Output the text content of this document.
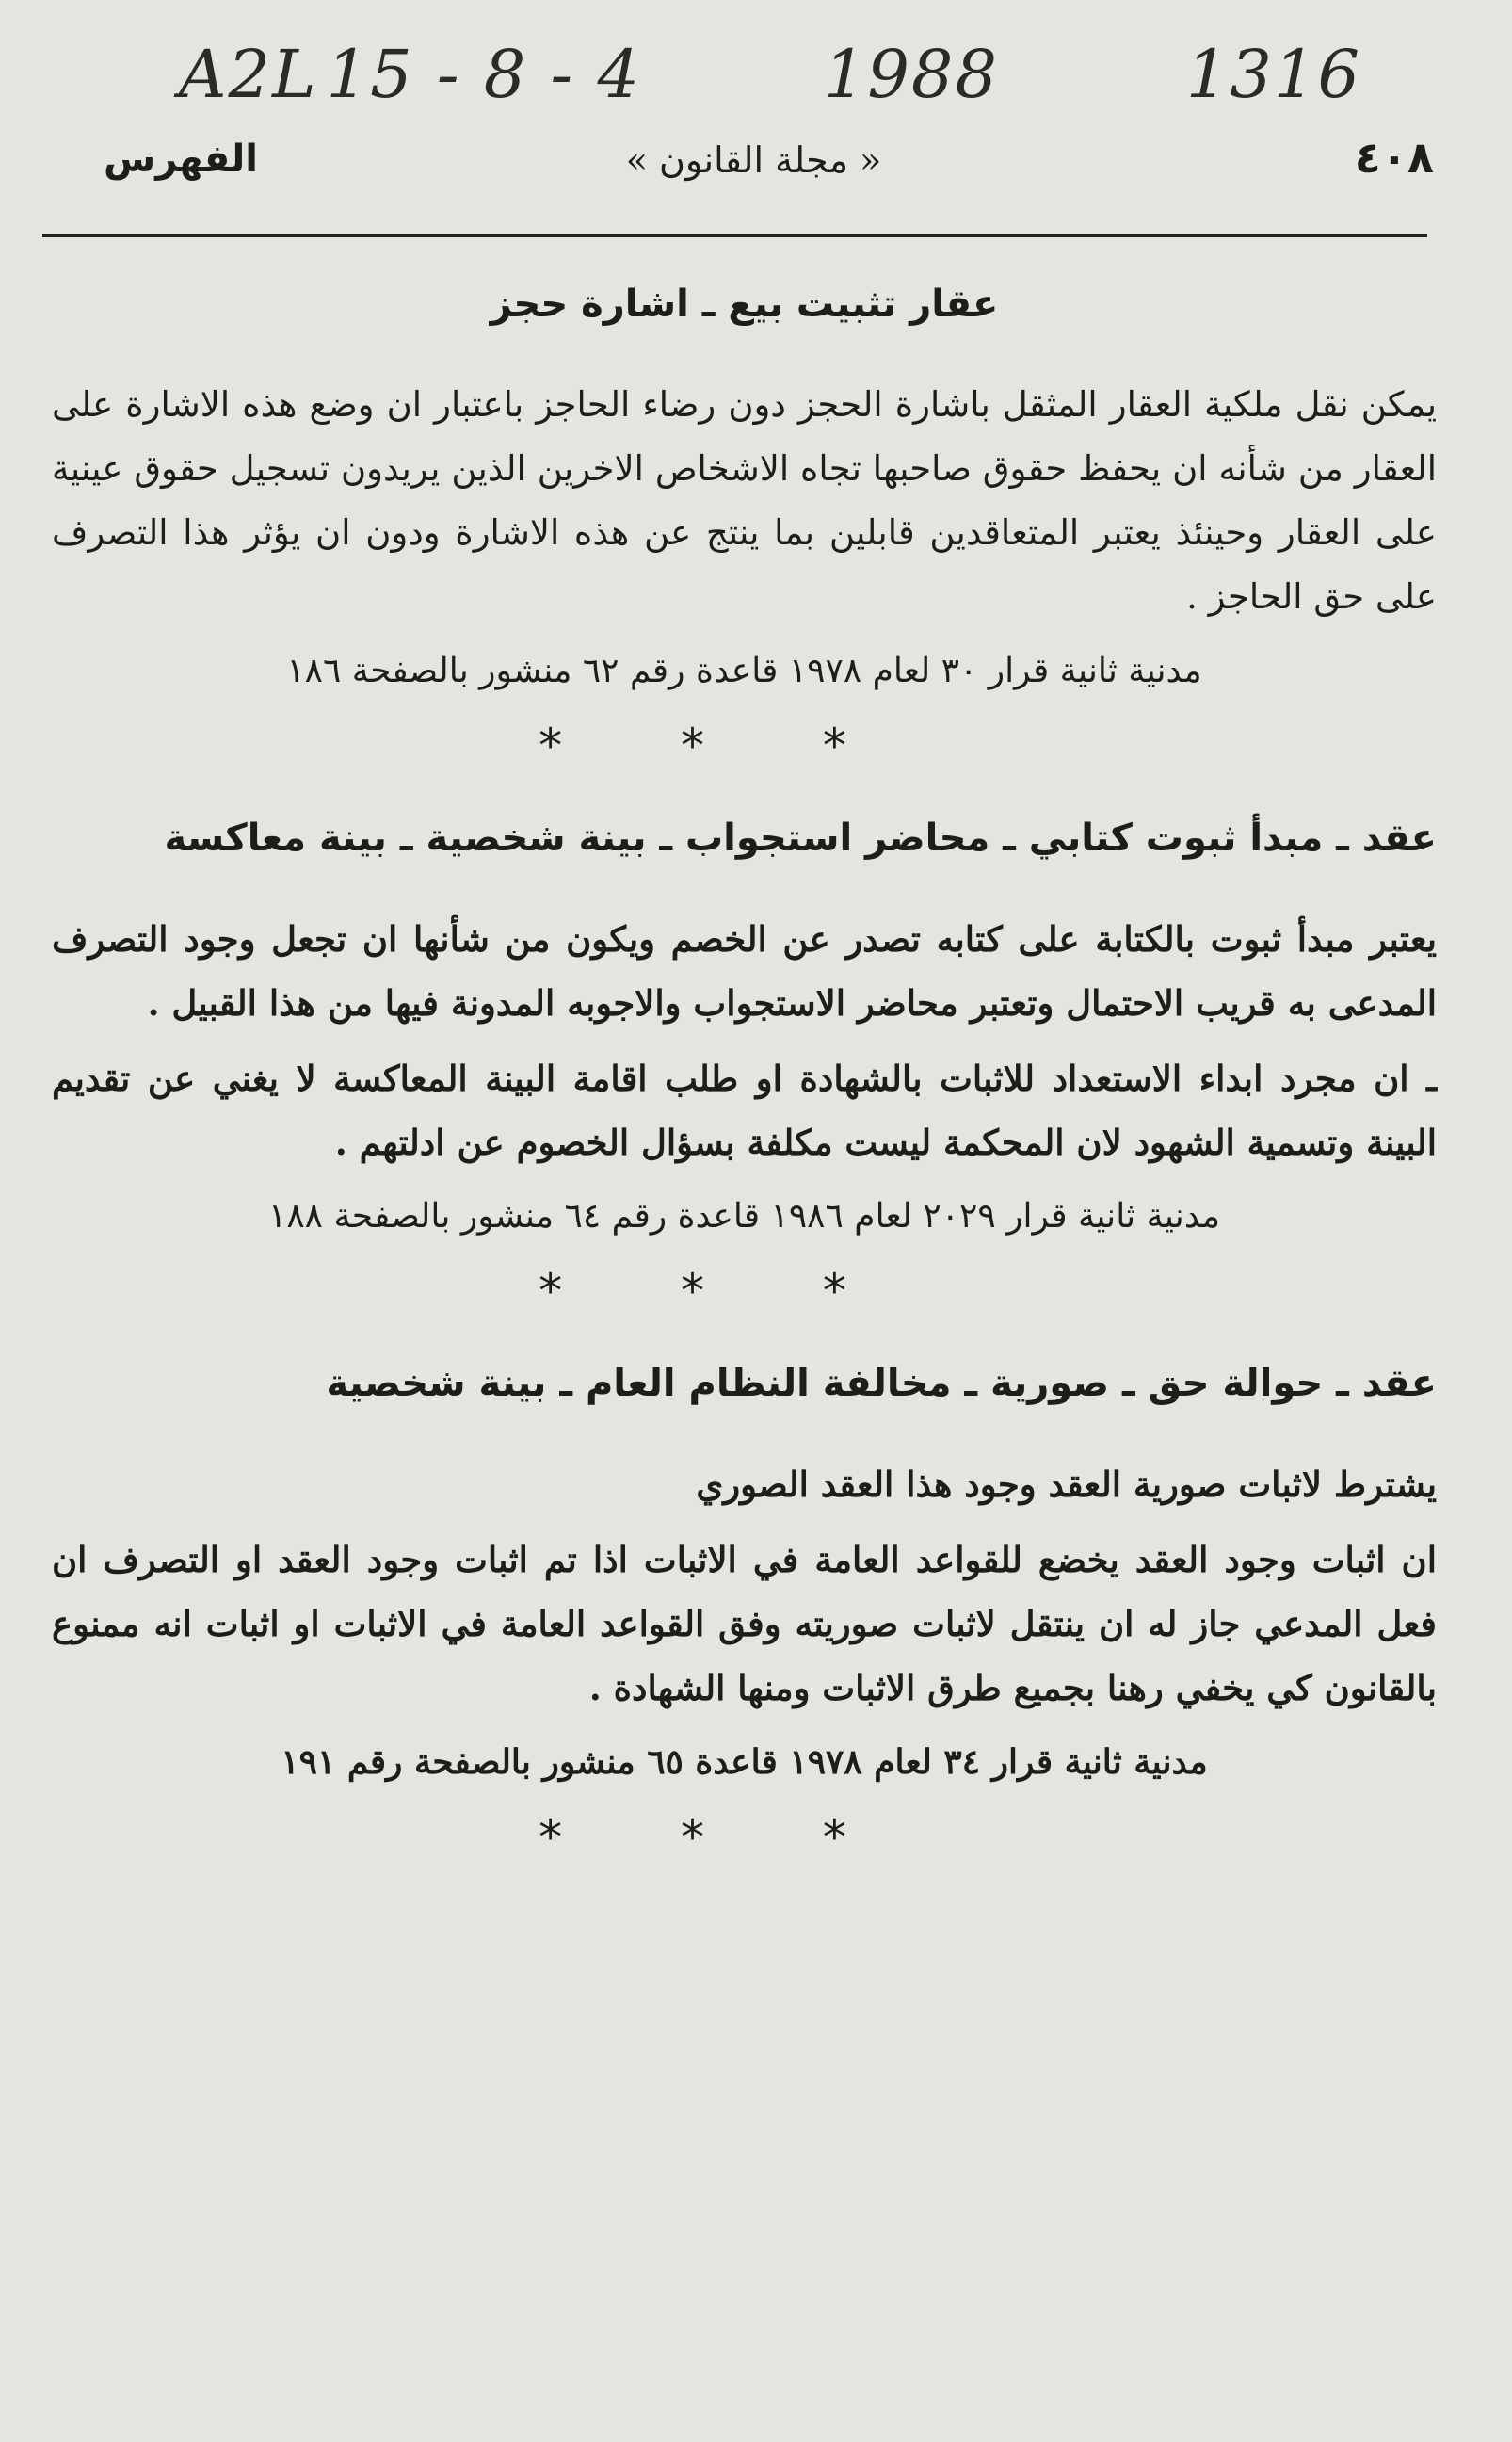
1316
1988
15 - 8 - 4
A2L
٤٠٨
« مجلة القانون »
الفهرس
عقار تثبيت بيع ـ اشارة حجز

يمكن نقل ملكية العقار المثقل باشارة الحجز دون رضاء الحاجز باعتبار ان وضع هذه الاشارة على العقار من شأنه ان يحفظ حقوق صاحبها تجاه الاشخاص الاخرين الذين يريدون تسجيل حقوق عينية على العقار وحينئذ يعتبر المتعاقدين قابلين بما ينتج عن هذه الاشارة ودون ان يؤثر هذا التصرف على حق الحاجز .

مدنية ثانية قرار ٣٠ لعام ١٩٧٨ قاعدة رقم ٦٢ منشور بالصفحة ١٨٦

* * *
عقد ـ مبدأ ثبوت كتابي ـ محاضر استجواب ـ بينة شخصية ـ بينة معاكسة

يعتبر مبدأ ثبوت بالكتابة على كتابه تصدر عن الخصم ويكون من شأنها ان تجعل وجود التصرف المدعى به قريب الاحتمال وتعتبر محاضر الاستجواب والاجوبه المدونة فيها من هذا القبيل .

ـ ان مجرد ابداء الاستعداد للاثبات بالشهادة او طلب اقامة البينة المعاكسة لا يغني عن تقديم البينة وتسمية الشهود لان المحكمة ليست مكلفة بسؤال الخصوم عن ادلتهم .

مدنية ثانية قرار ٢٠٢٩ لعام ١٩٨٦ قاعدة رقم ٦٤ منشور بالصفحة ١٨٨

* * *
عقد ـ حوالة حق ـ صورية ـ مخالفة النظام العام ـ بينة شخصية

يشترط لاثبات صورية العقد وجود هذا العقد الصوري

ان اثبات وجود العقد يخضع للقواعد العامة في الاثبات اذا تم اثبات وجود العقد او التصرف ان فعل المدعي جاز له ان ينتقل لاثبات صوريته وفق القواعد العامة في الاثبات او اثبات انه ممنوع بالقانون كي يخفي رهنا بجميع طرق الاثبات ومنها الشهادة .

مدنية ثانية قرار ٣٤ لعام ١٩٧٨ قاعدة ٦٥ منشور بالصفحة رقم ١٩١

* * *
